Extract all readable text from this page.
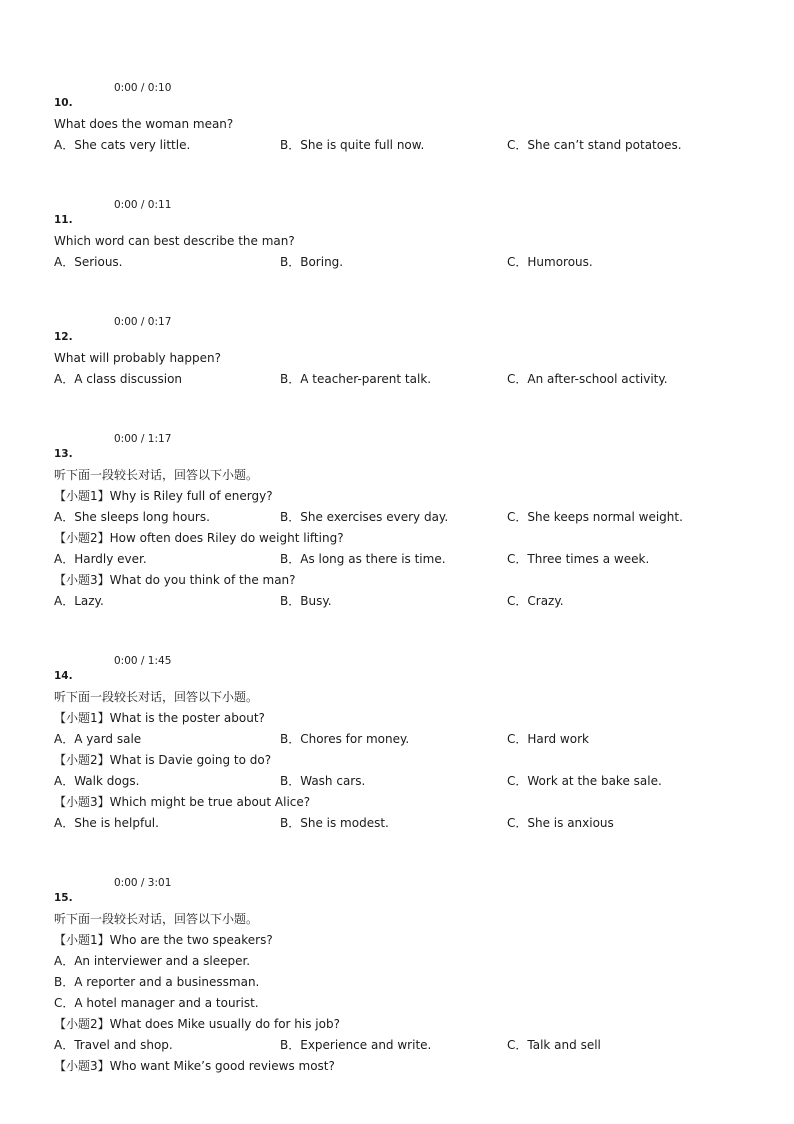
0:00 / 0:10
10.
What does the woman mean?
A．She cats very little.	B．She is quite full now.	C．She can’t stand potatoes.
0:00 / 0:11
11.
Which word can best describe the man?
A．Serious.	B．Boring.	C．Humorous.
0:00 / 0:17
12.
What will probably happen?
A．A class discussion	B．A teacher-parent talk.	C．An after-school activity.
0:00 / 1:17
13.
听下面一段较长对话，回答以下小题。
【小题1】Why is Riley full of energy?
A．She sleeps long hours.	B．She exercises every day.	C．She keeps normal weight.
【小题2】How often does Riley do weight lifting?
A．Hardly ever.	B．As long as there is time.	C．Three times a week.
【小题3】What do you think of the man?
A．Lazy.	B．Busy.	C．Crazy.
0:00 / 1:45
14.
听下面一段较长对话，回答以下小题。
【小题1】What is the poster about?
A．A yard sale	B．Chores for money.	C．Hard work
【小题2】What is Davie going to do?
A．Walk dogs.	B．Wash cars.	C．Work at the bake sale.
【小题3】Which might be true about Alice?
A．She is helpful.	B．She is modest.	C．She is anxious
0:00 / 3:01
15.
听下面一段较长对话，回答以下小题。
【小题1】Who are the two speakers?
A．An interviewer and a sleeper.
B．A reporter and a businessman.
C．A hotel manager and a tourist.
【小题2】What does Mike usually do for his job?
A．Travel and shop.	B．Experience and write.	C．Talk and sell
【小题3】Who want Mike’s good reviews most?
